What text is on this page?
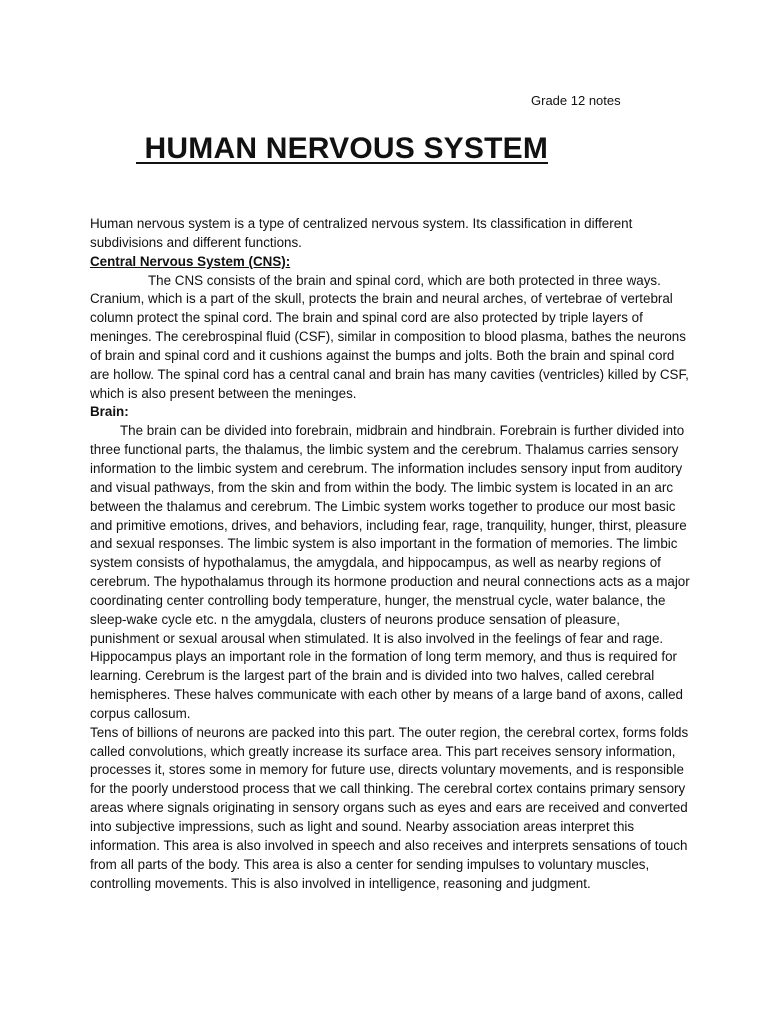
Grade 12 notes
HUMAN NERVOUS SYSTEM

Human nervous system is a type of centralized nervous system. Its classification in different subdivisions and different functions.

Central Nervous System (CNS):

The CNS consists of the brain and spinal cord, which are both protected in three ways. Cranium, which is a part of the skull, protects the brain and neural arches, of vertebrae of vertebral column protect the spinal cord. The brain and spinal cord are also protected by triple layers of meninges. The cerebrospinal fluid (CSF), similar in composition to blood plasma, bathes the neurons of brain and spinal cord and it cushions against the bumps and jolts. Both the brain and spinal cord are hollow. The spinal cord has a central canal and brain has many cavities (ventricles) killed by CSF, which is also present between the meninges.

Brain:

The brain can be divided into forebrain, midbrain and hindbrain. Forebrain is further divided into three functional parts, the thalamus, the limbic system and the cerebrum. Thalamus carries sensory information to the limbic system and cerebrum. The information includes sensory input from auditory and visual pathways, from the skin and from within the body. The limbic system is located in an arc between the thalamus and cerebrum. The Limbic system works together to produce our most basic and primitive emotions, drives, and behaviors, including fear, rage, tranquility, hunger, thirst, pleasure and sexual responses. The limbic system is also important in the formation of memories. The limbic system consists of hypothalamus, the amygdala, and hippocampus, as well as nearby regions of cerebrum. The hypothalamus through its hormone production and neural connections acts as a major coordinating center controlling body temperature, hunger, the menstrual cycle, water balance, the sleep-wake cycle etc. n the amygdala, clusters of neurons produce sensation of pleasure, punishment or sexual arousal when stimulated. It is also involved in the feelings of fear and rage.

Hippocampus plays an important role in the formation of long term memory, and thus is required for learning. Cerebrum is the largest part of the brain and is divided into two halves, called cerebral hemispheres. These halves communicate with each other by means of a large band of axons, called corpus callosum.

Tens of billions of neurons are packed into this part. The outer region, the cerebral cortex, forms folds called convolutions, which greatly increase its surface area. This part receives sensory information, processes it, stores some in memory for future use, directs voluntary movements, and is responsible for the poorly understood process that we call thinking. The cerebral cortex contains primary sensory areas where signals originating in sensory organs such as eyes and ears are received and converted into subjective impressions, such as light and sound. Nearby association areas interpret this information. This area is also involved in speech and also receives and interprets sensations of touch from all parts of the body. This area is also a center for sending impulses to voluntary muscles, controlling movements. This is also involved in intelligence, reasoning and judgment.
